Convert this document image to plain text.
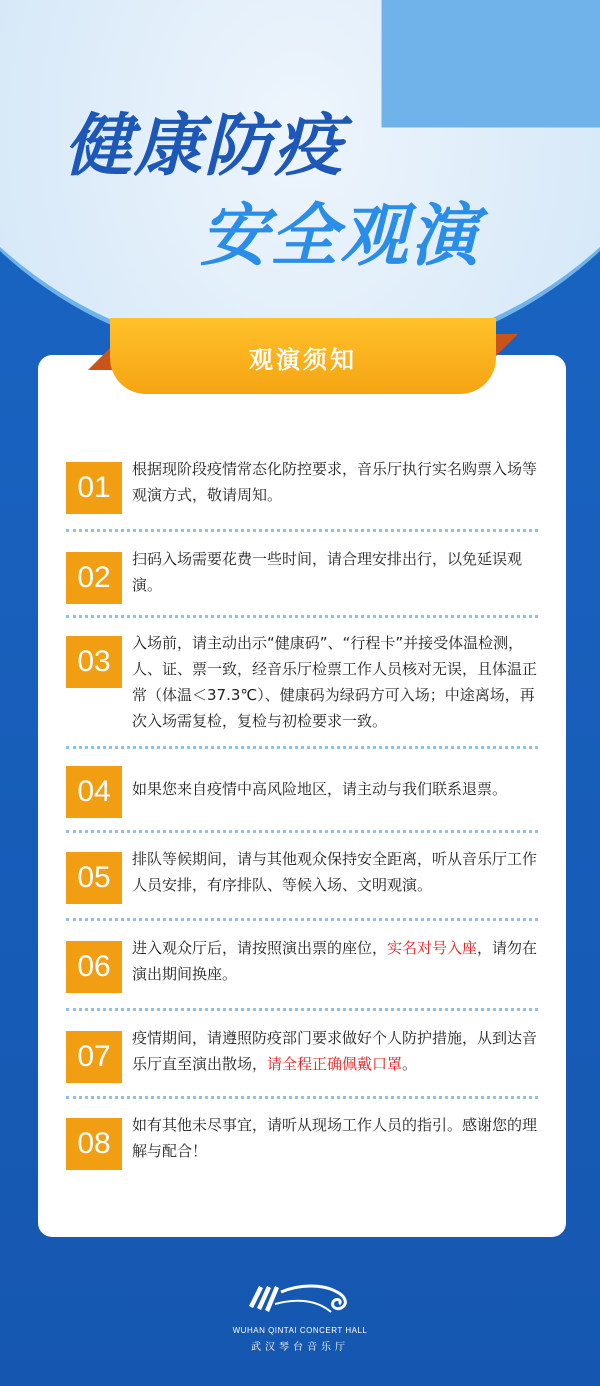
健康防疫
安全观演
观演须知
01
根据现阶段疫情常态化防控要求，音乐厅执行实名购票入场等观演方式，敬请周知。
02
扫码入场需要花费一些时间，请合理安排出行，以免延误观演。
03
入场前，请主动出示“健康码”、“行程卡”并接受体温检测，人、证、票一致，经音乐厅检票工作人员核对无误，且体温正常（体温＜37.3℃）、健康码为绿码方可入场；中途离场，再次入场需复检，复检与初检要求一致。
04	如果您来自疫情中高风险地区，请主动与我们联系退票。
05
排队等候期间，请与其他观众保持安全距离，听从音乐厅工作人员安排，有序排队、等候入场、文明观演。
06
进入观众厅后，请按照演出票的座位，实名对号入座，请勿在演出期间换座。
07
疫情期间，请遵照防疫部门要求做好个人防护措施，从到达音乐厅直至演出散场，请全程正确佩戴口罩。
08
如有其他未尽事宜，请听从现场工作人员的指引。感谢您的理解与配合！
WUHAN QINTAI CONCERT HALL
武汉琴台音乐厅
